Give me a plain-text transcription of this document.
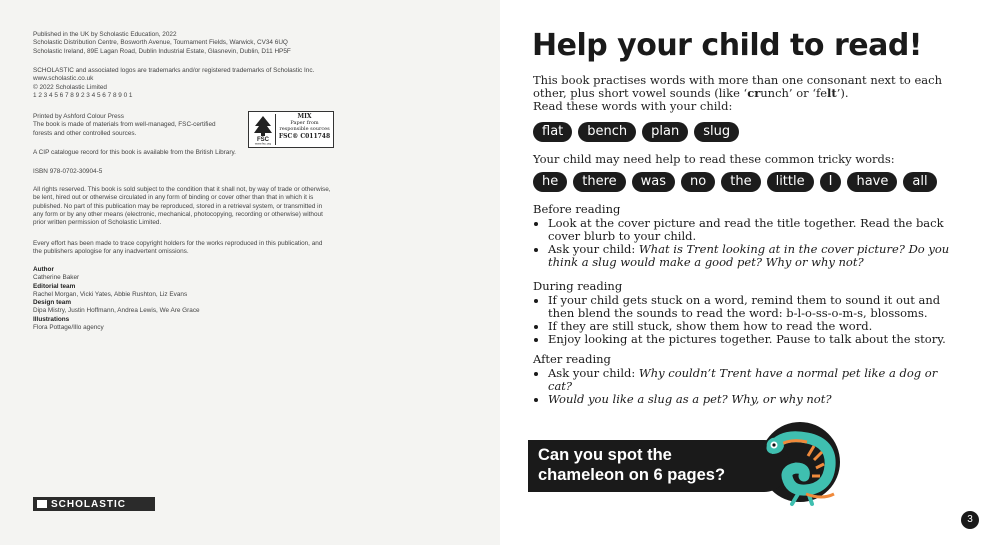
Published in the UK by Scholastic Education, 2022

Scholastic Distribution Centre, Bosworth Avenue, Tournament Fields, Warwick, CV34 6UQ

Scholastic Ireland, 89E Lagan Road, Dublin Industrial Estate, Glasnevin, Dublin, D11 HP5F

SCHOLASTIC and associated logos are trademarks and/or registered trademarks of Scholastic Inc.

www.scholastic.co.uk

© 2022 Scholastic Limited

1 2 3 4 5 6 7 8 9 2 3 4 5 6 7 8 9 0 1

Printed by Ashford Colour Press

The book is made of materials from well-managed, FSC-certified forests and other controlled sources.

FSC
www.fsc.org
MIX
Paper from
responsible sources
FSC® C011748

A CIP catalogue record for this book is available from the British Library.

ISBN 978-0702-30904-5

All rights reserved. This book is sold subject to the condition that it shall not, by way of trade or otherwise, be lent, hired out or otherwise circulated in any form of binding or cover other than that in which it is published. No part of this publication may be reproduced, stored in a retrieval system, or transmitted in any form or by any other means (electronic, mechanical, photocopying, recording or otherwise) without prior written permission of Scholastic Limited.

Every effort has been made to trace copyright holders for the works reproduced in this publication, and the publishers apologise for any inadvertent omissions.

Author

Catherine Baker

Editorial team

Rachel Morgan, Vicki Yates, Abbie Rushton, Liz Evans

Design team

Dipa Mistry, Justin Hoffmann, Andrea Lewis, We Are Grace

Illustrations

Flora Pottage/Illo agency

SCHOLASTIC
Help your child to read!

This book practises words with more than one consonant next to each other, plus short vowel sounds (like ‘crunch’ or ‘felt’).

Read these words with your child:

flat	bench	plan	slug

Your child may need help to read these common tricky words:

he	there	was	no	the	little	I	have	all

Before reading

• Look at the cover picture and read the title together. Read the back cover blurb to your child.
• Ask your child: What is Trent looking at in the cover picture? Do you think a slug would make a good pet? Why or why not?

During reading

• If your child gets stuck on a word, remind them to sound it out and then blend the sounds to read the word: b-l-o-ss-o-m-s, blossoms.
• If they are still stuck, show them how to read the word.
• Enjoy looking at the pictures together. Pause to talk about the story.

After reading

• Ask your child: Why couldn’t Trent have a normal pet like a dog or cat?
• Would you like a slug as a pet? Why, or why not?
Can you spot the
chameleon on 6 pages?
3
